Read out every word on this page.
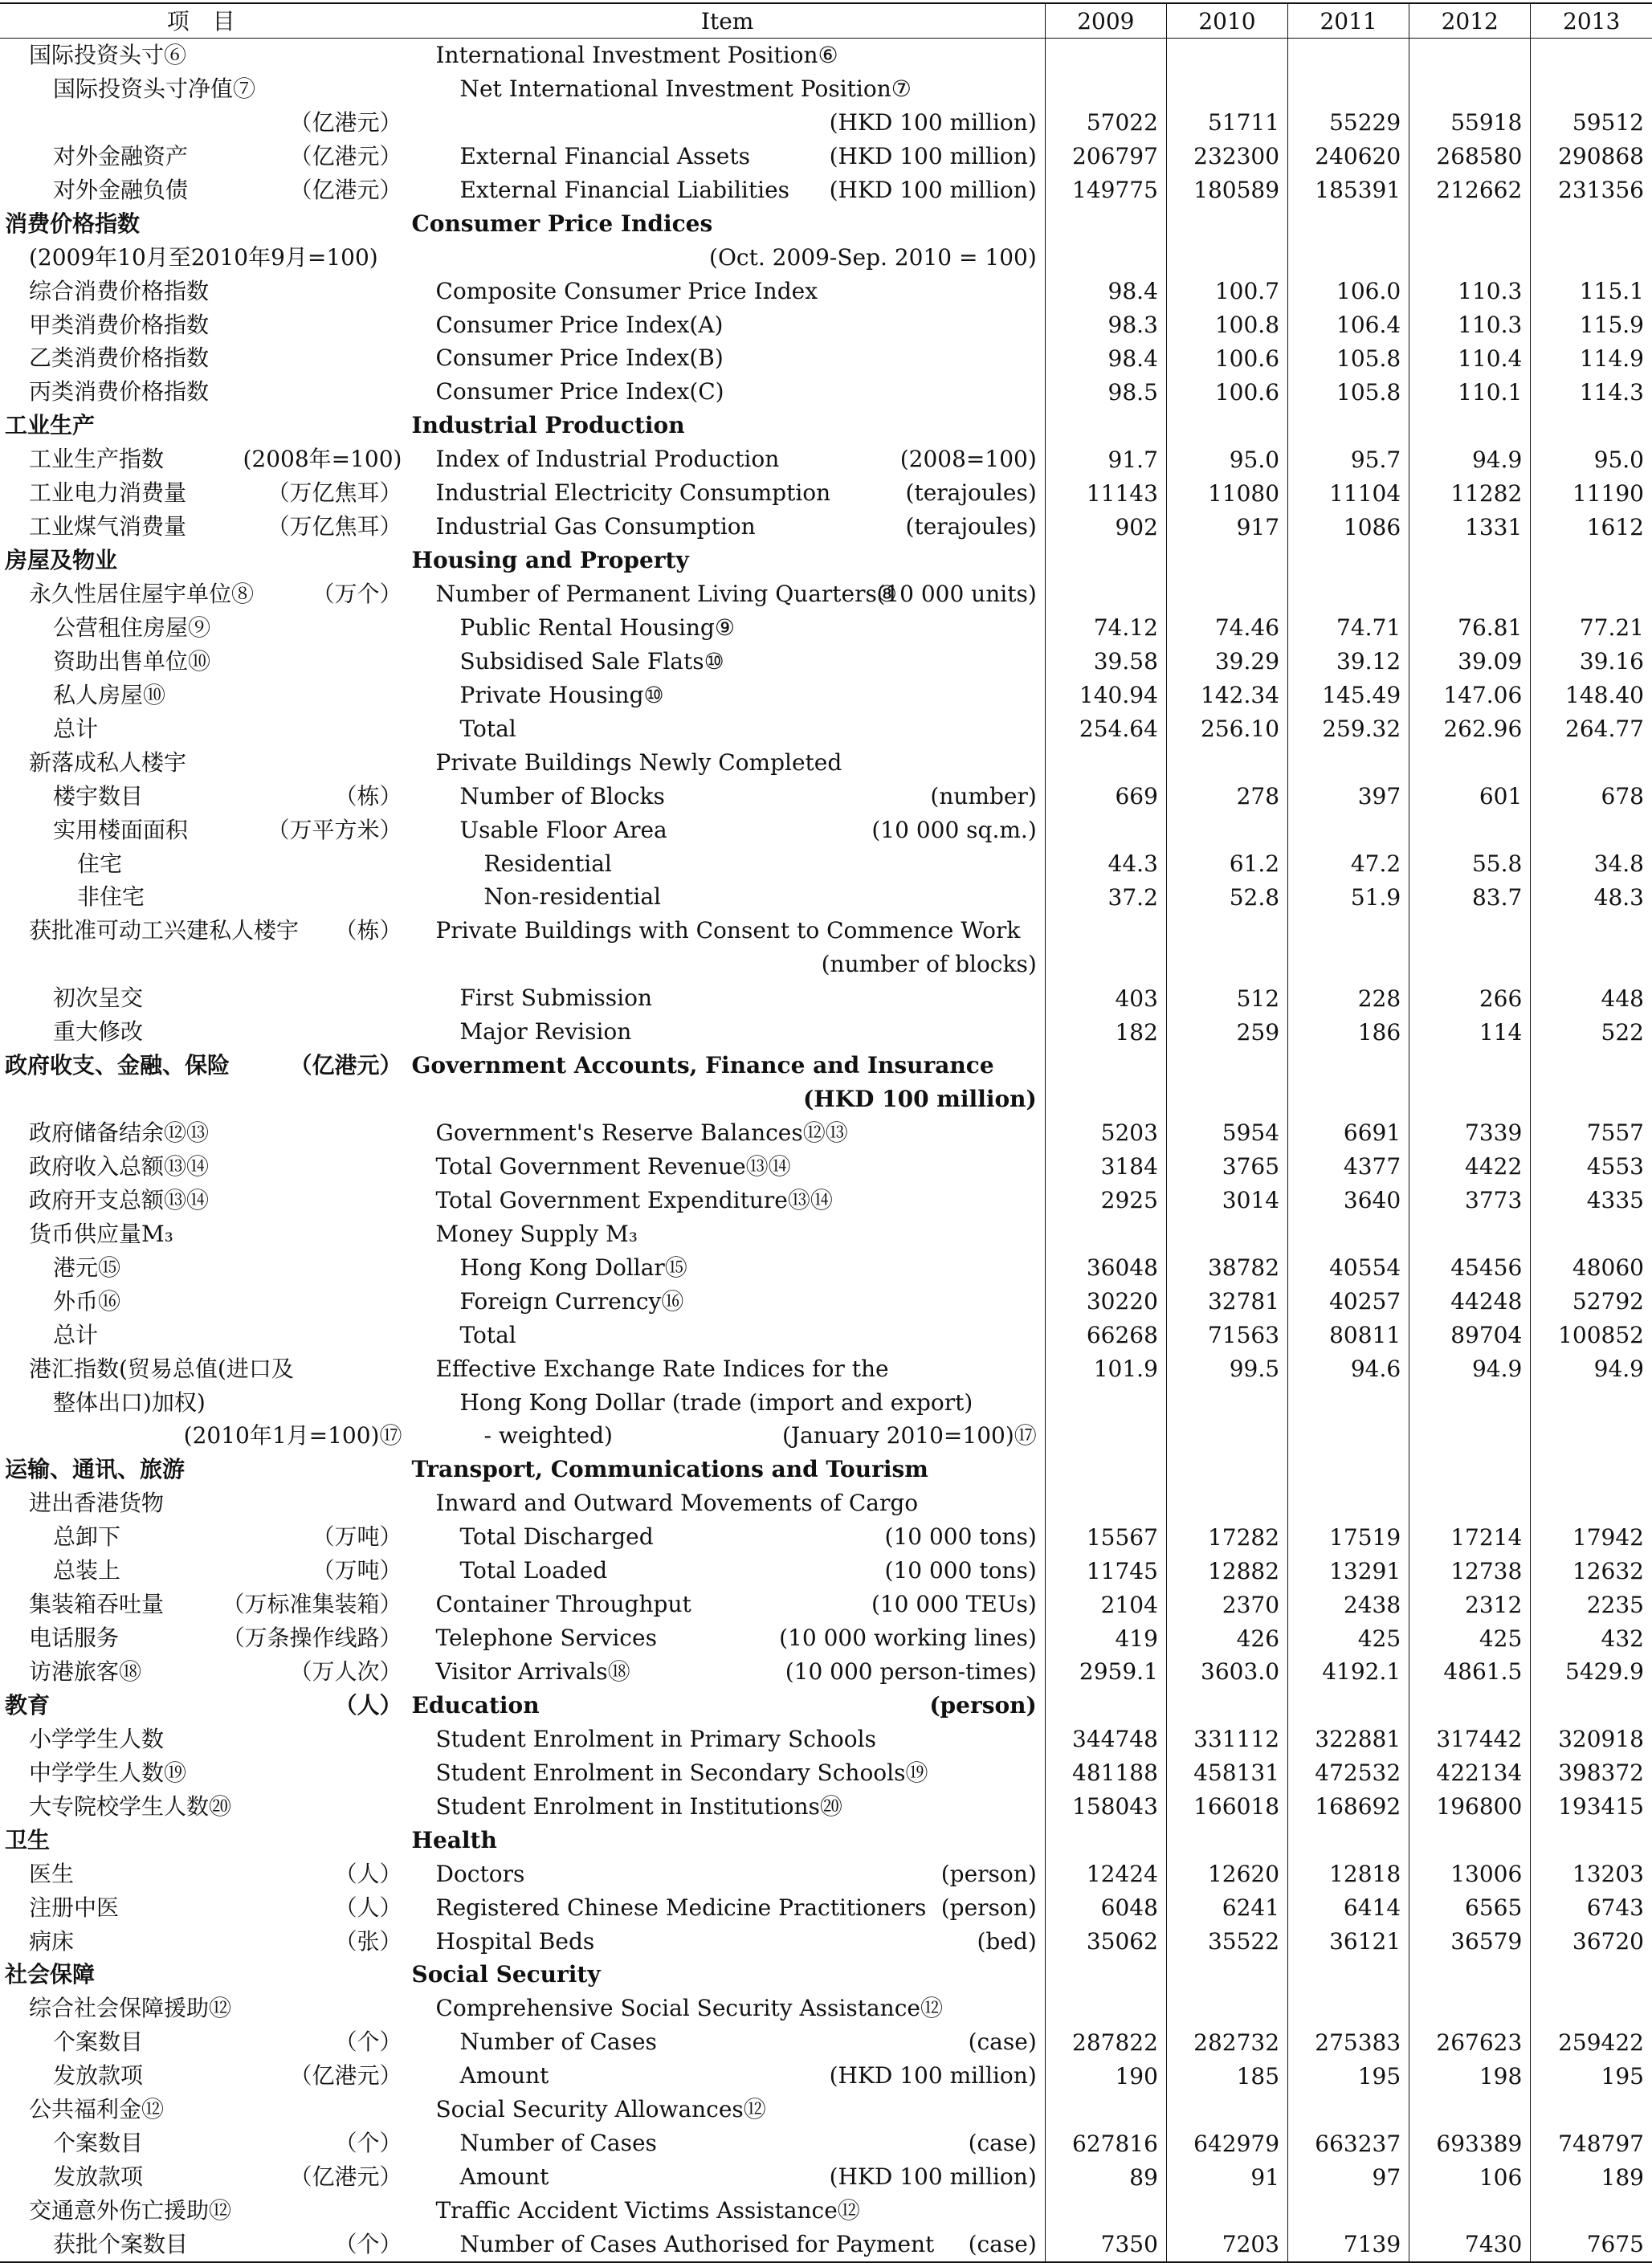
项 目	Item	2009	2010	2011	2012	2013

国际投资头寸⑥	International Investment Position⑥					

国际投资头寸净值⑦	Net International Investment Position⑦					

（亿港元）	(HKD 100 million)	57022	51711	55229	55918	59512

对外金融资产 （亿港元）	External Financial Assets (HKD 100 million)	206797	232300	240620	268580	290868

对外金融负债 （亿港元）	External Financial Liabilities (HKD 100 million)	149775	180589	185391	212662	231356

消费价格指数	Consumer Price Indices					

(2009年10月至2010年9月=100)	(Oct. 2009-Sep. 2010 = 100)					

综合消费价格指数	Composite Consumer Price Index	98.4	100.7	106.0	110.3	115.1

甲类消费价格指数	Consumer Price Index(A)	98.3	100.8	106.4	110.3	115.9

乙类消费价格指数	Consumer Price Index(B)	98.4	100.6	105.8	110.4	114.9

丙类消费价格指数	Consumer Price Index(C)	98.5	100.6	105.8	110.1	114.3

工业生产	Industrial Production					

工业生产指数 (2008年=100)	Index of Industrial Production (2008=100)	91.7	95.0	95.7	94.9	95.0

工业电力消费量 （万亿焦耳）	Industrial Electricity Consumption (terajoules)	11143	11080	11104	11282	11190

工业煤气消费量 （万亿焦耳）	Industrial Gas Consumption (terajoules)	902	917	1086	1331	1612

房屋及物业	Housing and Property					

永久性居住屋宇单位⑧ （万个）	Number of Permanent Living Quarters⑧
(10 000 units)					

公营租住房屋⑨	Public Rental Housing⑨	74.12	74.46	74.71	76.81	77.21

资助出售单位⑩	Subsidised Sale Flats⑩	39.58	39.29	39.12	39.09	39.16

私人房屋⑩	Private Housing⑩	140.94	142.34	145.49	147.06	148.40

总计	Total	254.64	256.10	259.32	262.96	264.77

新落成私人楼宇	Private Buildings Newly Completed					

楼宇数目 （栋）	Number of Blocks (number)	669	278	397	601	678

实用楼面面积 （万平方米）	Usable Floor Area (10 000 sq.m.)					

住宅	Residential	44.3	61.2	47.2	55.8	34.8

非住宅	Non-residential	37.2	52.8	51.9	83.7	48.3

获批准可动工兴建私人楼宇 （栋）	Private Buildings with Consent to Commence Work					

	(number of blocks)					

初次呈交	First Submission	403	512	228	266	448

重大修改	Major Revision	182	259	186	114	522

政府收支、金融、保险 （亿港元）	Government Accounts, Finance and Insurance					

	(HKD 100 million)					

政府储备结余⑫⑬	Government's Reserve Balances⑫⑬	5203	5954	6691	7339	7557

政府收入总额⑬⑭	Total Government Revenue⑬⑭	3184	3765	4377	4422	4553

政府开支总额⑬⑭	Total Government Expenditure⑬⑭	2925	3014	3640	3773	4335

货币供应量M₃	Money Supply M₃					

港元⑮	Hong Kong Dollar⑮	36048	38782	40554	45456	48060

外币⑯	Foreign Currency⑯	30220	32781	40257	44248	52792

总计	Total	66268	71563	80811	89704	100852

港汇指数(贸易总值(进口及	Effective Exchange Rate Indices for the	101.9	99.5	94.6	94.9	94.9

整体出口)加权)	Hong Kong Dollar (trade (import and export)					

(2010年1月=100)⑰	- weighted) (January 2010=100)⑰					

运输、通讯、旅游	Transport, Communications and Tourism					

进出香港货物	Inward and Outward Movements of Cargo					

总卸下 （万吨）	Total Discharged (10 000 tons)	15567	17282	17519	17214	17942

总装上 （万吨）	Total Loaded (10 000 tons)	11745	12882	13291	12738	12632

集装箱吞吐量 （万标准集装箱）	Container Throughput (10 000 TEUs)	2104	2370	2438	2312	2235

电话服务 （万条操作线路）	Telephone Services (10 000 working lines)	419	426	425	425	432

访港旅客⑱ （万人次）	Visitor Arrivals⑱ (10 000 person-times)	2959.1	3603.0	4192.1	4861.5	5429.9

教育 （人）	Education (person)					

小学学生人数	Student Enrolment in Primary Schools	344748	331112	322881	317442	320918

中学学生人数⑲	Student Enrolment in Secondary Schools⑲	481188	458131	472532	422134	398372

大专院校学生人数⑳	Student Enrolment in Institutions⑳	158043	166018	168692	196800	193415

卫生	Health					

医生 （人）	Doctors (person)	12424	12620	12818	13006	13203

注册中医 （人）	Registered Chinese Medicine Practitioners (person)	6048	6241	6414	6565	6743

病床 （张）	Hospital Beds (bed)	35062	35522	36121	36579	36720

社会保障	Social Security					

综合社会保障援助⑫	Comprehensive Social Security Assistance⑫					

个案数目 （个）	Number of Cases (case)	287822	282732	275383	267623	259422

发放款项 （亿港元）	Amount (HKD 100 million)	190	185	195	198	195

公共福利金⑫	Social Security Allowances⑫					

个案数目 （个）	Number of Cases (case)	627816	642979	663237	693389	748797

发放款项 （亿港元）	Amount (HKD 100 million)	89	91	97	106	189

交通意外伤亡援助⑫	Traffic Accident Victims Assistance⑫					

获批个案数目 （个）	Number of Cases Authorised for Payment (case)	7350	7203	7139	7430	7675
